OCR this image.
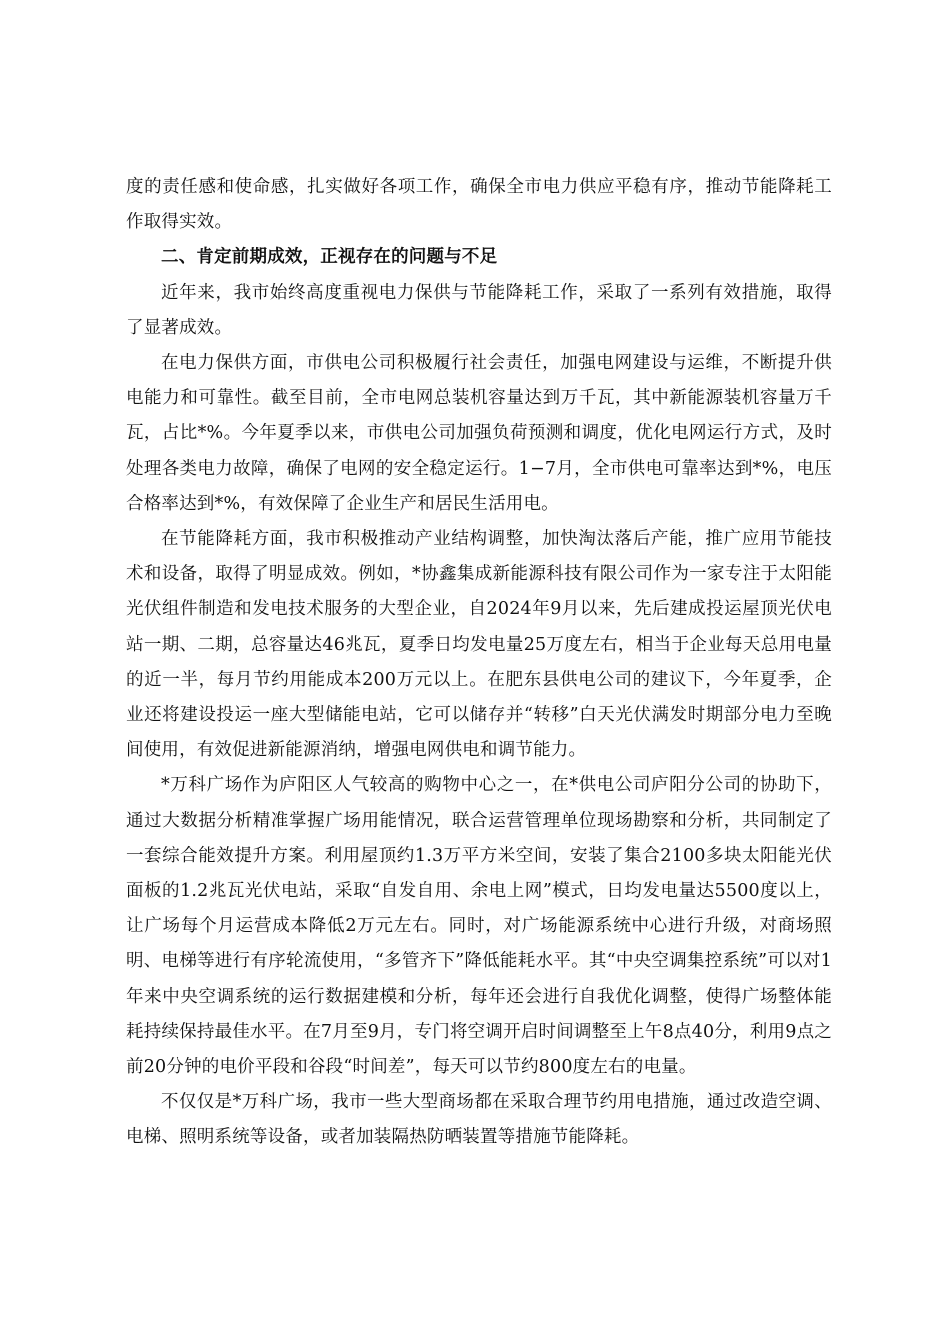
度的责任感和使命感，扎实做好各项工作，确保全市电力供应平稳有序，推动节能降耗工作取得实效。

二、肯定前期成效，正视存在的问题与不足

近年来，我市始终高度重视电力保供与节能降耗工作，采取了一系列有效措施，取得了显著成效。

在电力保供方面，市供电公司积极履行社会责任，加强电网建设与运维，不断提升供电能力和可靠性。截至目前，全市电网总装机容量达到万千瓦，其中新能源装机容量万千瓦，占比*%。今年夏季以来，市供电公司加强负荷预测和调度，优化电网运行方式，及时处理各类电力故障，确保了电网的安全稳定运行。1−7月，全市供电可靠率达到*%，电压合格率达到*%，有效保障了企业生产和居民生活用电。

在节能降耗方面，我市积极推动产业结构调整，加快淘汰落后产能，推广应用节能技术和设备，取得了明显成效。例如，*协鑫集成新能源科技有限公司作为一家专注于太阳能光伏组件制造和发电技术服务的大型企业，自2024年9月以来，先后建成投运屋顶光伏电站一期、二期，总容量达46兆瓦，夏季日均发电量25万度左右，相当于企业每天总用电量的近一半，每月节约用能成本200万元以上。在肥东县供电公司的建议下，今年夏季，企业还将建设投运一座大型储能电站，它可以储存并“转移”白天光伏满发时期部分电力至晚间使用，有效促进新能源消纳，增强电网供电和调节能力。

*万科广场作为庐阳区人气较高的购物中心之一，在*供电公司庐阳分公司的协助下，通过大数据分析精准掌握广场用能情况，联合运营管理单位现场勘察和分析，共同制定了一套综合能效提升方案。利用屋顶约1.3万平方米空间，安装了集合2100多块太阳能光伏面板的1.2兆瓦光伏电站，采取“自发自用、余电上网”模式，日均发电量达5500度以上，让广场每个月运营成本降低2万元左右。同时，对广场能源系统中心进行升级，对商场照明、电梯等进行有序轮流使用，“多管齐下”降低能耗水平。其“中央空调集控系统”可以对1年来中央空调系统的运行数据建模和分析，每年还会进行自我优化调整，使得广场整体能耗持续保持最佳水平。在7月至9月，专门将空调开启时间调整至上午8点40分，利用9点之前20分钟的电价平段和谷段“时间差”，每天可以节约800度左右的电量。

不仅仅是*万科广场，我市一些大型商场都在采取合理节约用电措施，通过改造空调、电梯、照明系统等设备，或者加装隔热防晒装置等措施节能降耗。
